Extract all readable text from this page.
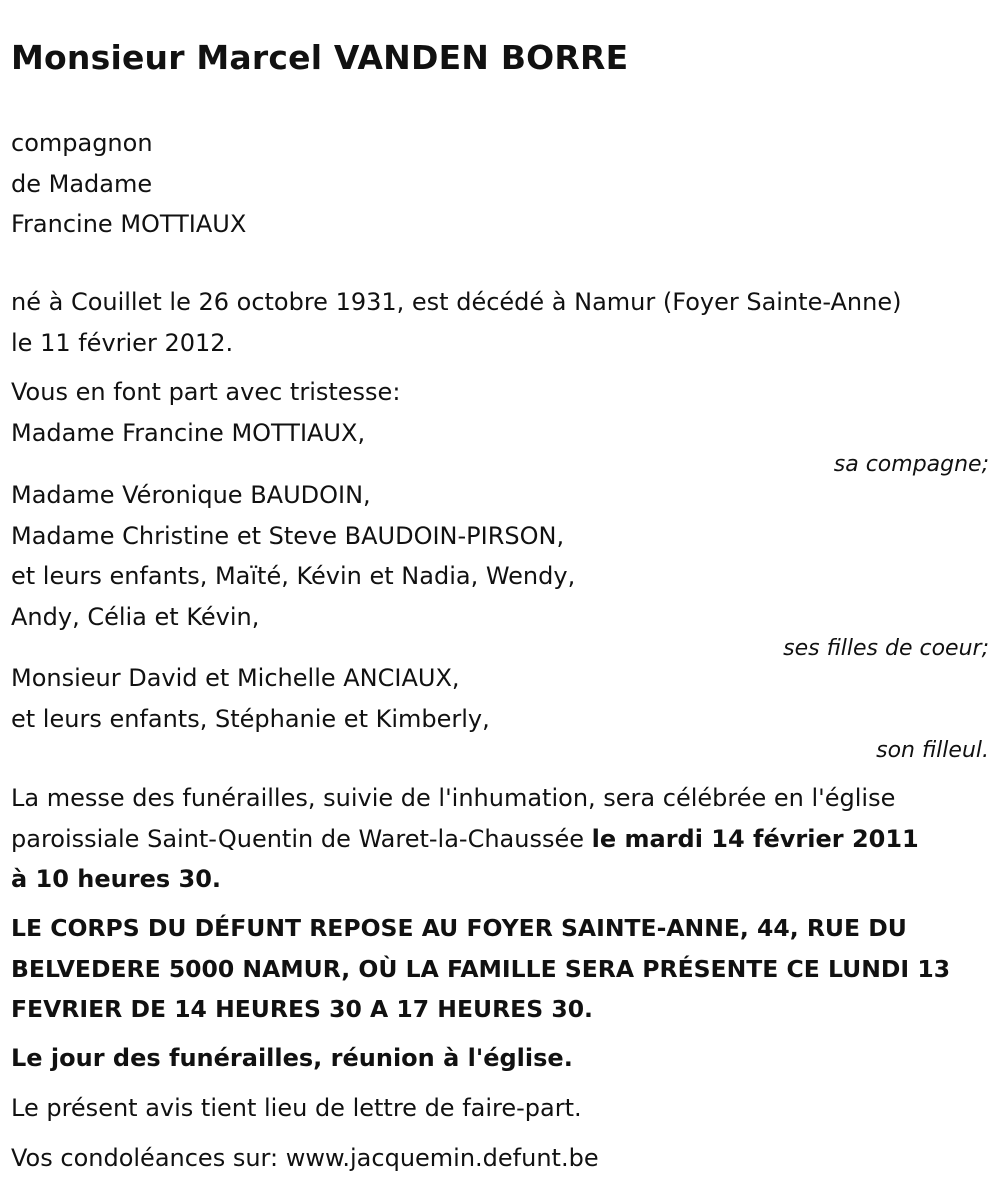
Monsieur Marcel VANDEN BORRE
compagnon
de Madame
Francine MOTTIAUX
né à Couillet le 26 octobre 1931, est décédé à Namur (Foyer Sainte-Anne)
le 11 février 2012.
Vous en font part avec tristesse:
Madame Francine MOTTIAUX,
sa compagne;
Madame Véronique BAUDOIN,
Madame Christine et Steve BAUDOIN-PIRSON,
et leurs enfants, Maïté, Kévin et Nadia, Wendy,
Andy, Célia et Kévin,
ses filles de coeur;
Monsieur David et Michelle ANCIAUX,
et leurs enfants, Stéphanie et Kimberly,
son filleul.
La messe des funérailles, suivie de l'inhumation, sera célébrée en l'église
paroissiale Saint-Quentin de Waret-la-Chaussée le mardi 14 février 2011
à 10 heures 30.
LE CORPS DU DÉFUNT REPOSE AU FOYER SAINTE-ANNE, 44, RUE DU
BELVEDERE 5000 NAMUR, OÙ LA FAMILLE SERA PRÉSENTE CE LUNDI 13
FEVRIER DE 14 HEURES 30 A 17 HEURES 30.
Le jour des funérailles, réunion à l'église.
Le présent avis tient lieu de lettre de faire-part.
Vos condoléances sur: www.jacquemin.defunt.be
